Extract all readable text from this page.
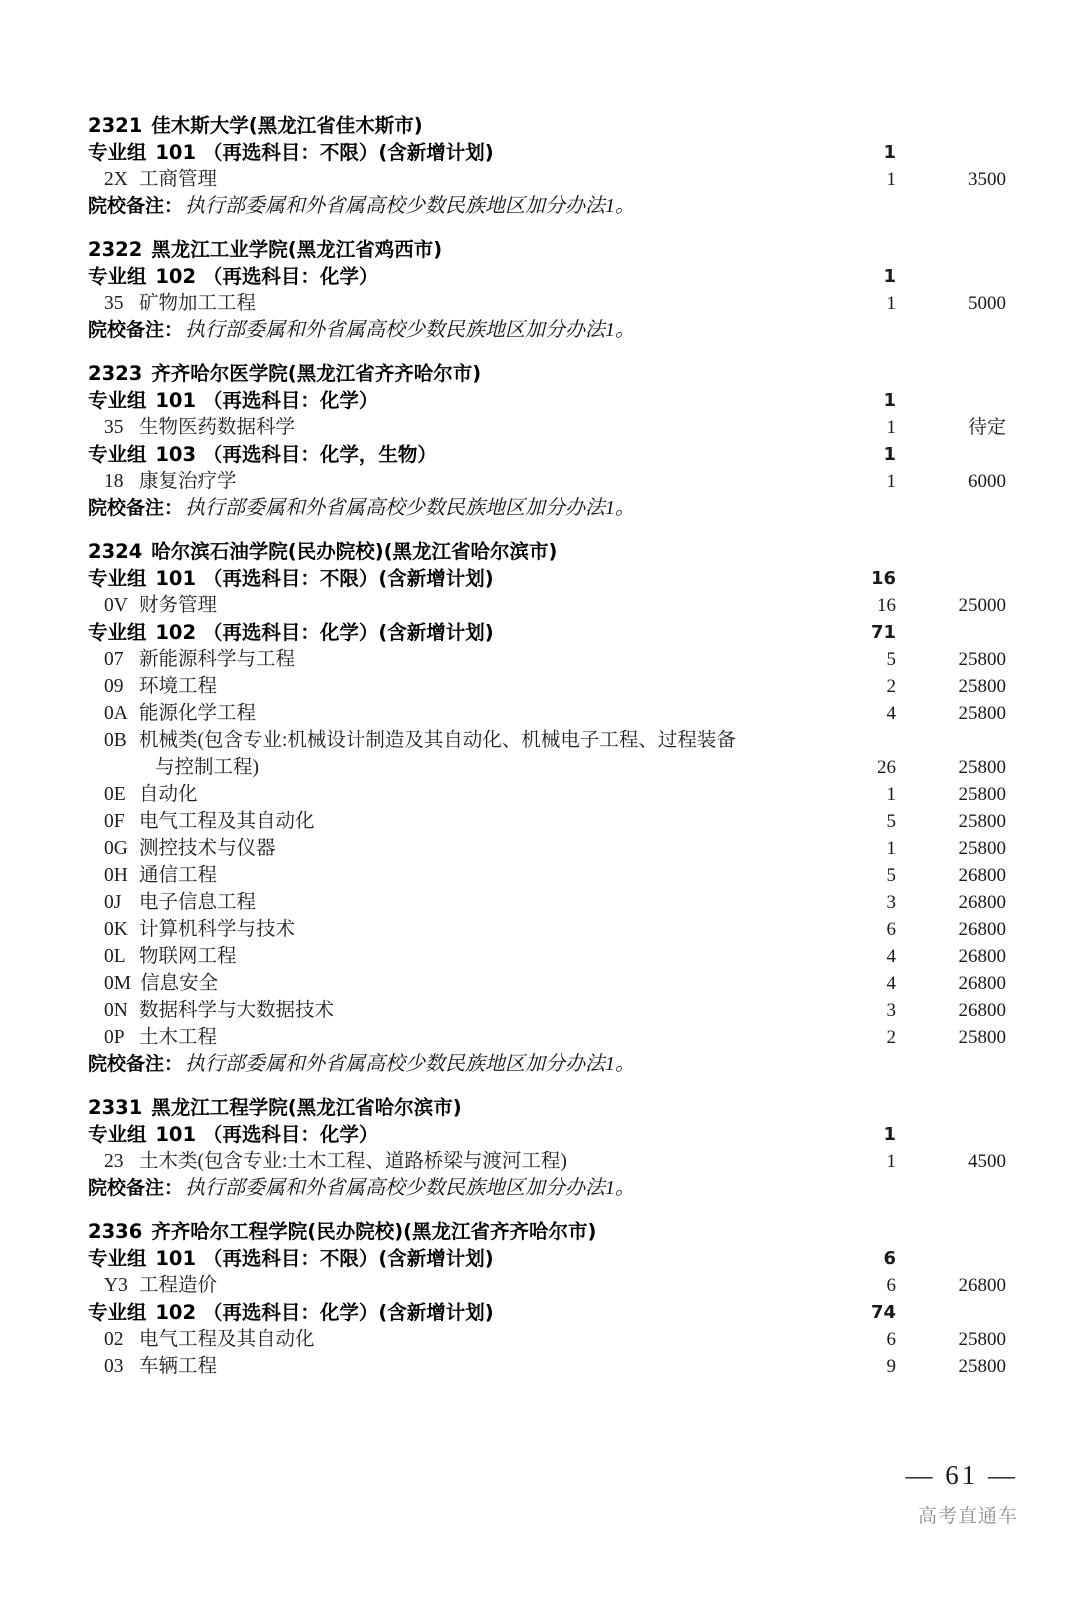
2321 佳木斯大学(黑龙江省佳木斯市)
专业组 101 （再选科目：不限）(含新增计划)	1
2X 工商管理	1	3500
院校备注： 执行部委属和外省属高校少数民族地区加分办法1。
2322 黑龙江工业学院(黑龙江省鸡西市)
专业组 102 （再选科目：化学）	1
35 矿物加工工程	1	5000
院校备注： 执行部委属和外省属高校少数民族地区加分办法1。
2323 齐齐哈尔医学院(黑龙江省齐齐哈尔市)
专业组 101 （再选科目：化学）	1
35 生物医药数据科学	1	待定
专业组 103 （再选科目：化学，生物）	1
18 康复治疗学	1	6000
院校备注： 执行部委属和外省属高校少数民族地区加分办法1。
2324 哈尔滨石油学院(民办院校)(黑龙江省哈尔滨市)
专业组 101 （再选科目：不限）(含新增计划)	16
0V 财务管理	16	25000
专业组 102 （再选科目：化学）(含新增计划)	71
07 新能源科学与工程	5	25800
09 环境工程	2	25800
0A 能源化学工程	4	25800
0B 机械类(包含专业:机械设计制造及其自动化、机械电子工程、过程装备
与控制工程)	26	25800
0E 自动化	1	25800
0F 电气工程及其自动化	5	25800
0G 测控技术与仪器	1	25800
0H 通信工程	5	26800
0J 电子信息工程	3	26800
0K 计算机科学与技术	6	26800
0L 物联网工程	4	26800
0M 信息安全	4	26800
0N 数据科学与大数据技术	3	26800
0P 土木工程	2	25800
院校备注： 执行部委属和外省属高校少数民族地区加分办法1。
2331 黑龙江工程学院(黑龙江省哈尔滨市)
专业组 101 （再选科目：化学）	1
23 土木类(包含专业:土木工程、道路桥梁与渡河工程)	1	4500
院校备注： 执行部委属和外省属高校少数民族地区加分办法1。
2336 齐齐哈尔工程学院(民办院校)(黑龙江省齐齐哈尔市)
专业组 101 （再选科目：不限）(含新增计划)	6
Y3 工程造价	6	26800
专业组 102 （再选科目：化学）(含新增计划)	74
02 电气工程及其自动化	6	25800
03 车辆工程	9	25800
— 61 —
高考直通车
